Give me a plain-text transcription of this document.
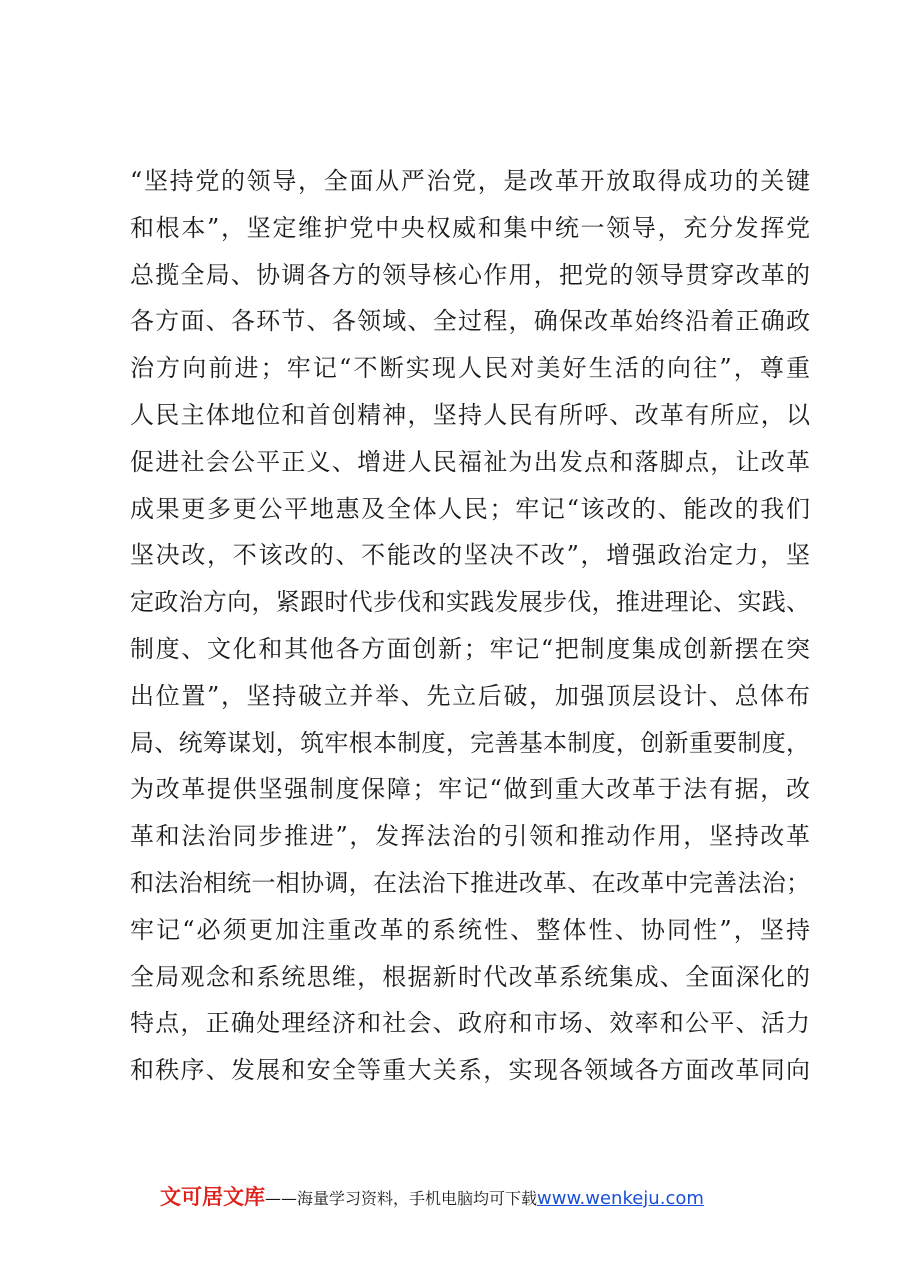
“坚持党的领导，全面从严治党，是改革开放取得成功的关键
和根本”，坚定维护党中央权威和集中统一领导，充分发挥党
总揽全局、协调各方的领导核心作用，把党的领导贯穿改革的
各方面、各环节、各领域、全过程，确保改革始终沿着正确政
治方向前进；牢记“不断实现人民对美好生活的向往”，尊重
人民主体地位和首创精神，坚持人民有所呼、改革有所应，以
促进社会公平正义、增进人民福祉为出发点和落脚点，让改革
成果更多更公平地惠及全体人民；牢记“该改的、能改的我们
坚决改，不该改的、不能改的坚决不改”，增强政治定力，坚
定政治方向，紧跟时代步伐和实践发展步伐，推进理论、实践、
制度、文化和其他各方面创新；牢记“把制度集成创新摆在突
出位置”，坚持破立并举、先立后破，加强顶层设计、总体布
局、统筹谋划，筑牢根本制度，完善基本制度，创新重要制度，
为改革提供坚强制度保障；牢记“做到重大改革于法有据，改
革和法治同步推进”，发挥法治的引领和推动作用，坚持改革
和法治相统一相协调，在法治下推进改革、在改革中完善法治；
牢记“必须更加注重改革的系统性、整体性、协同性”，坚持
全局观念和系统思维，根据新时代改革系统集成、全面深化的
特点，正确处理经济和社会、政府和市场、效率和公平、活力
和秩序、发展和安全等重大关系，实现各领域各方面改革同向
文可居文库——海量学习资料，手机电脑均可下载www.wenkeju.com
